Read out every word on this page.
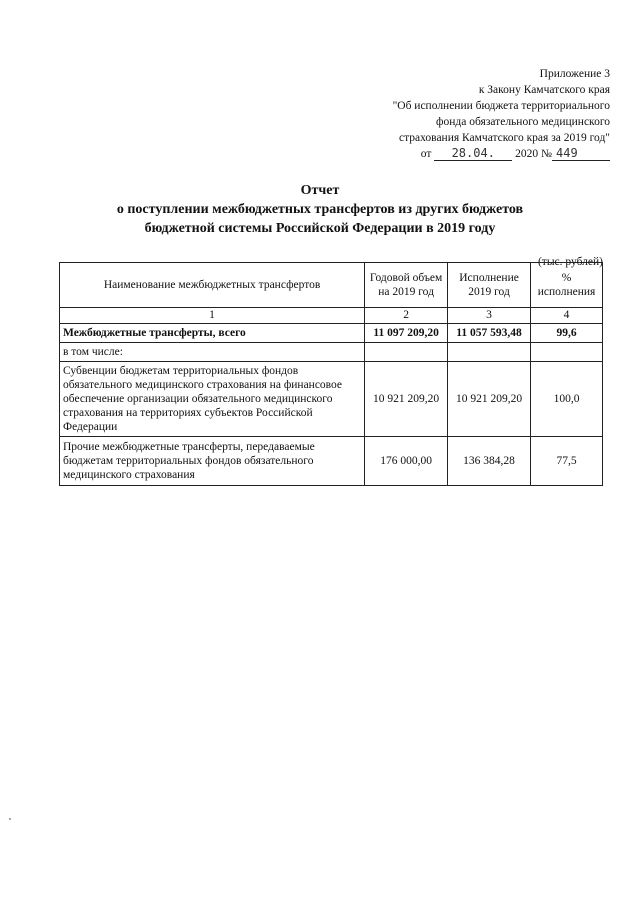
Приложение 3
к Закону Камчатского края
"Об исполнении бюджета территориального
фонда обязательного медицинского
страхования Камчатского края за 2019 год"
от 28.04. 2020 № 449
Отчет
о поступлении межбюджетных трансфертов из других бюджетов
бюджетной системы Российской Федерации в 2019 году
(тыс. рублей)
Наименование межбюджетных трансфертов	Годовой объем на 2019 год	Исполнение 2019 год	% исполнения
1	2	3	4
Межбюджетные трансферты, всего	11 097 209,20	11 057 593,48	99,6
в том числе:			
Субвенции бюджетам территориальных фондов обязательного медицинского страхования на финансовое обеспечение организации обязательного медицинского страхования на территориях субъектов Российской Федерации	10 921 209,20	10 921 209,20	100,0
Прочие межбюджетные трансферты, передаваемые бюджетам территориальных фондов обязательного медицинского страхования	176 000,00	136 384,28	77,5
